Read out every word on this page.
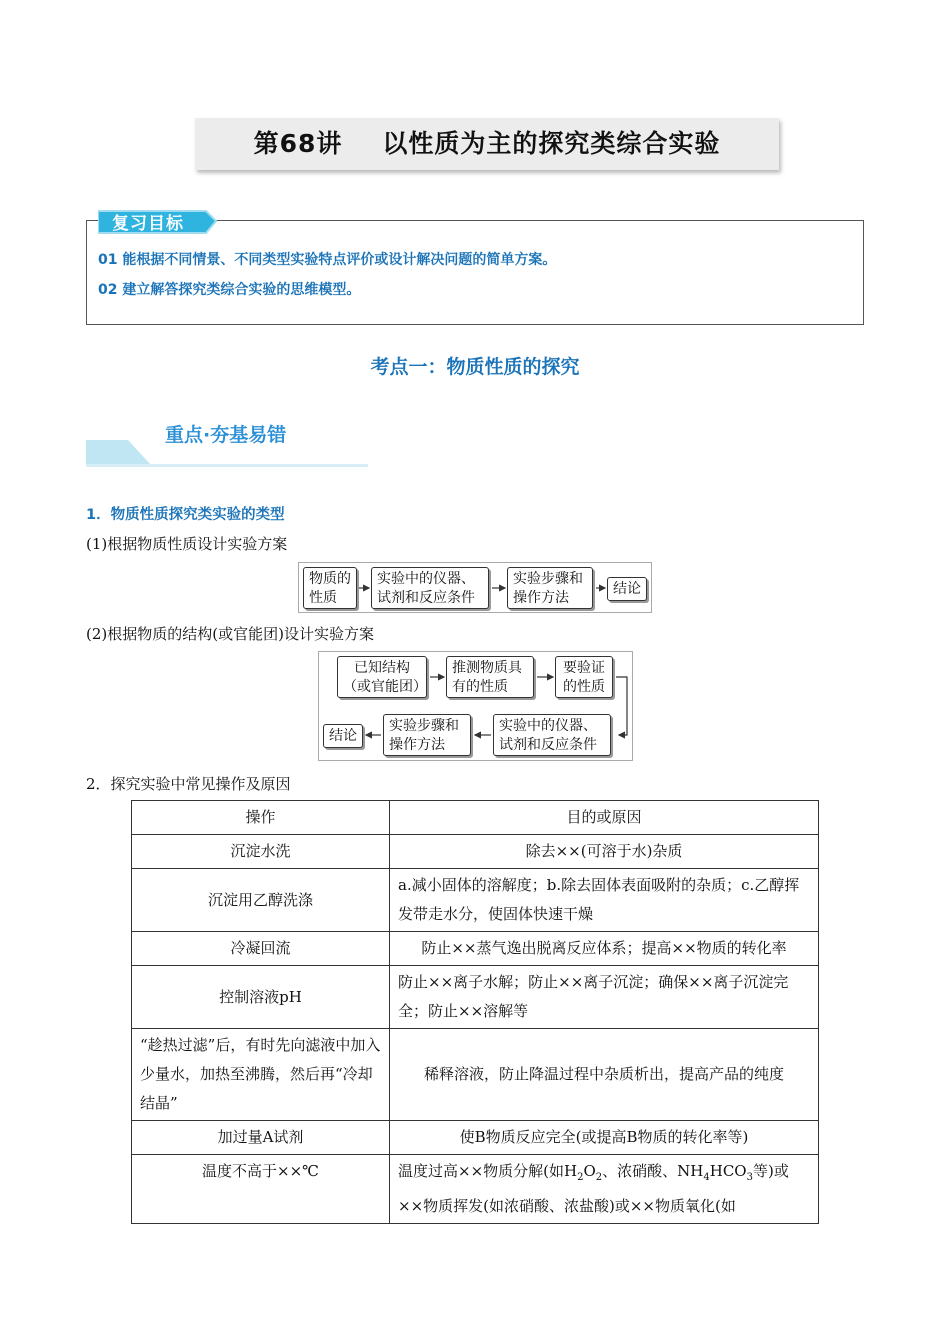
第68讲 以性质为主的探究类综合实验
复习目标
01 能根据不同情景、不同类型实验特点评价或设计解决问题的简单方案。
02 建立解答探究类综合实验的思维模型。
考点一：物质性质的探究
重点·夯基易错
1．物质性质探究类实验的类型
(1)根据物质性质设计实验方案
物质的
性质
实验中的仪器、
试剂和反应条件
实验步骤和
操作方法
结论
(2)根据物质的结构(或官能团)设计实验方案
已知结构
（或官能团）
推测物质具
有的性质
要验证
的性质
实验中的仪器、
试剂和反应条件
实验步骤和
操作方法
结论
2．探究实验中常见操作及原因
操作	目的或原因
沉淀水洗	除去××(可溶于水)杂质
沉淀用乙醇洗涤	a.减小固体的溶解度；b.除去固体表面吸附的杂质；c.乙醇挥发带走水分，使固体快速干燥
冷凝回流	防止××蒸气逸出脱离反应体系；提高××物质的转化率
控制溶液pH	防止××离子水解；防止××离子沉淀；确保××离子沉淀完全；防止××溶解等
“趁热过滤”后，有时先向滤液中加入少量水，加热至沸腾，然后再“冷却结晶”	稀释溶液，防止降温过程中杂质析出，提高产品的纯度
加过量A试剂	使B物质反应完全(或提高B物质的转化率等)
温度不高于××℃	温度过高××物质分解(如$H_2O_2$、浓硝酸、$NH_4HCO_3$等)或××物质挥发(如浓硝酸、浓盐酸)或××物质氧化(如
